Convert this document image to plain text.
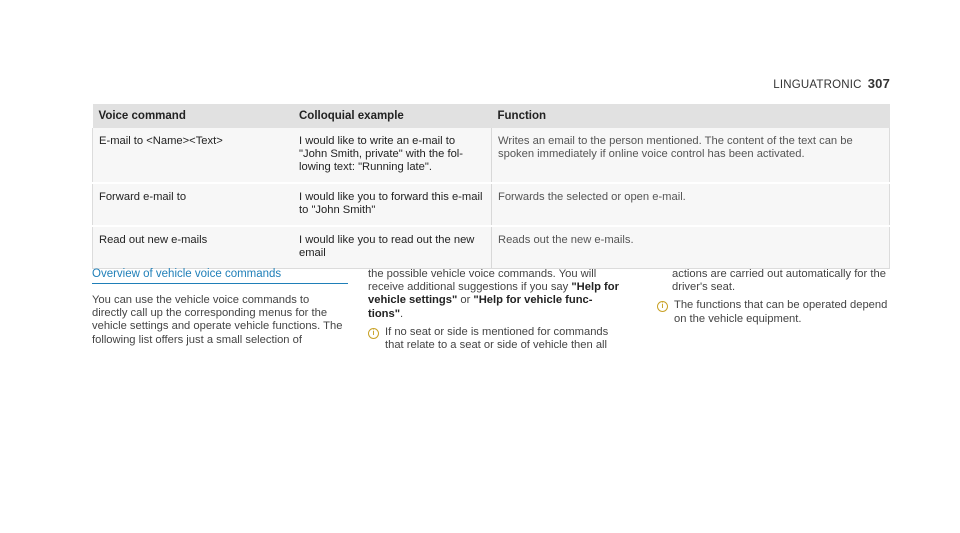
LINGUATRONIC 307
Voice command	Colloquial example	Function
E-mail to <Name><Text>	I would like to write an e-mail to "John Smith, private" with the fol-lowing text: "Running late".	Writes an email to the person mentioned. The content of the text can be spoken immediately if online voice control has been activated.
Forward e-mail to	I would like you to forward this e-mail to "John Smith"	Forwards the selected or open e-mail.
Read out new e-mails	I would like you to read out the new email	Reads out the new e-mails.
Overview of vehicle voice commands

You can use the vehicle voice commands to directly call up the corresponding menus for the vehicle settings and operate vehicle functions. The following list offers just a small selection of

the possible vehicle voice commands. You will receive additional suggestions if you say "Help for vehicle settings" or "Help for vehicle func-tions".

i If no seat or side is mentioned for commands that relate to a seat or side of vehicle then all

actions are carried out automatically for the driver's seat.

i The functions that can be operated depend on the vehicle equipment.
